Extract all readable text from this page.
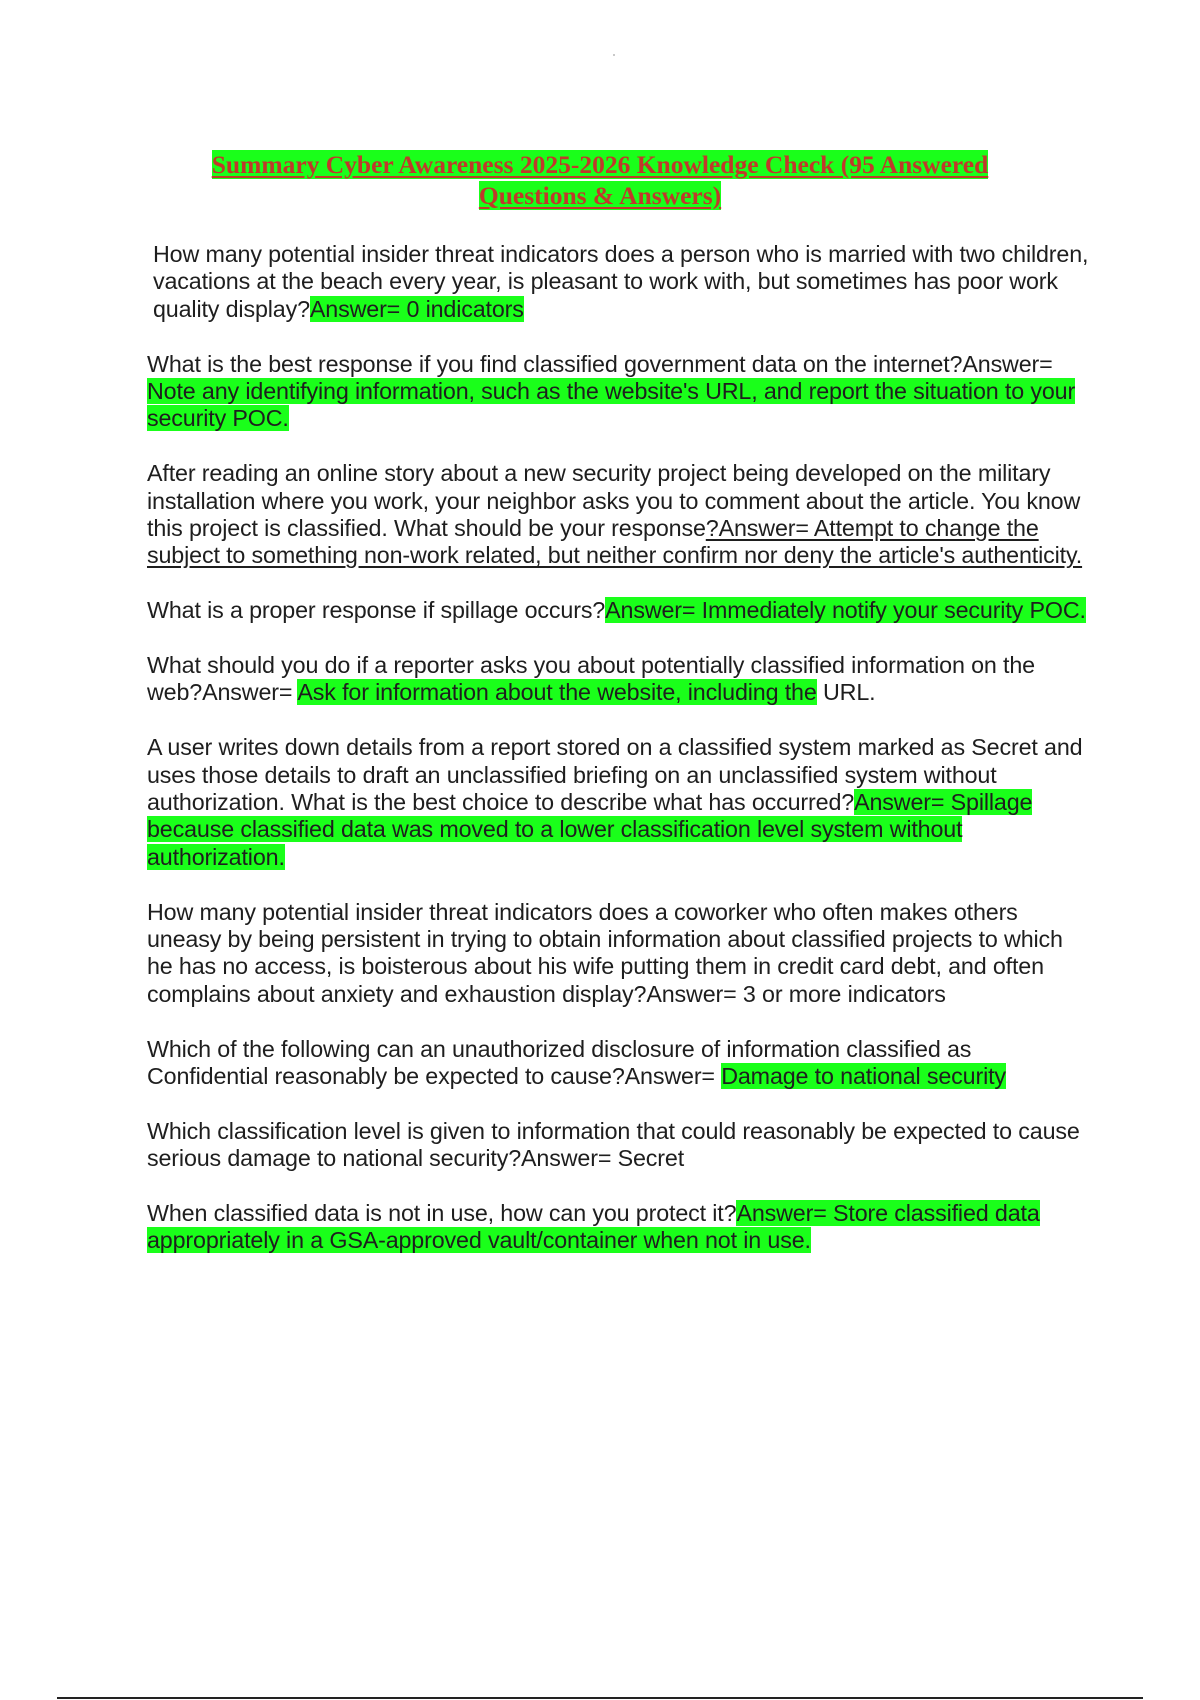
Summary Cyber Awareness 2025-2026 Knowledge Check (95 Answered
Questions & Answers)

How many potential insider threat indicators does a person who is married with two children, vacations at the beach every year, is pleasant to work with, but sometimes has poor work quality display?Answer= 0 indicators

What is the best response if you find classified government data on the internet?Answer= Note any identifying information, such as the website's URL, and report the situation to your security POC.

After reading an online story about a new security project being developed on the military installation where you work, your neighbor asks you to comment about the article. You know this project is classified. What should be your response?Answer= Attempt to change the subject to something non-work related, but neither confirm nor deny the article's authenticity.

What is a proper response if spillage occurs?Answer= Immediately notify your security POC.

What should you do if a reporter asks you about potentially classified information on the web?Answer= Ask for information about the website, including the URL.

A user writes down details from a report stored on a classified system marked as Secret and uses those details to draft an unclassified briefing on an unclassified system without authorization. What is the best choice to describe what has occurred?Answer= Spillage because classified data was moved to a lower classification level system without authorization.

How many potential insider threat indicators does a coworker who often makes others uneasy by being persistent in trying to obtain information about classified projects to which he has no access, is boisterous about his wife putting them in credit card debt, and often complains about anxiety and exhaustion display?Answer= 3 or more indicators

Which of the following can an unauthorized disclosure of information classified as Confidential reasonably be expected to cause?Answer= Damage to national security

Which classification level is given to information that could reasonably be expected to cause serious damage to national security?Answer= Secret

When classified data is not in use, how can you protect it?Answer= Store classified data appropriately in a GSA-approved vault/container when not in use.
